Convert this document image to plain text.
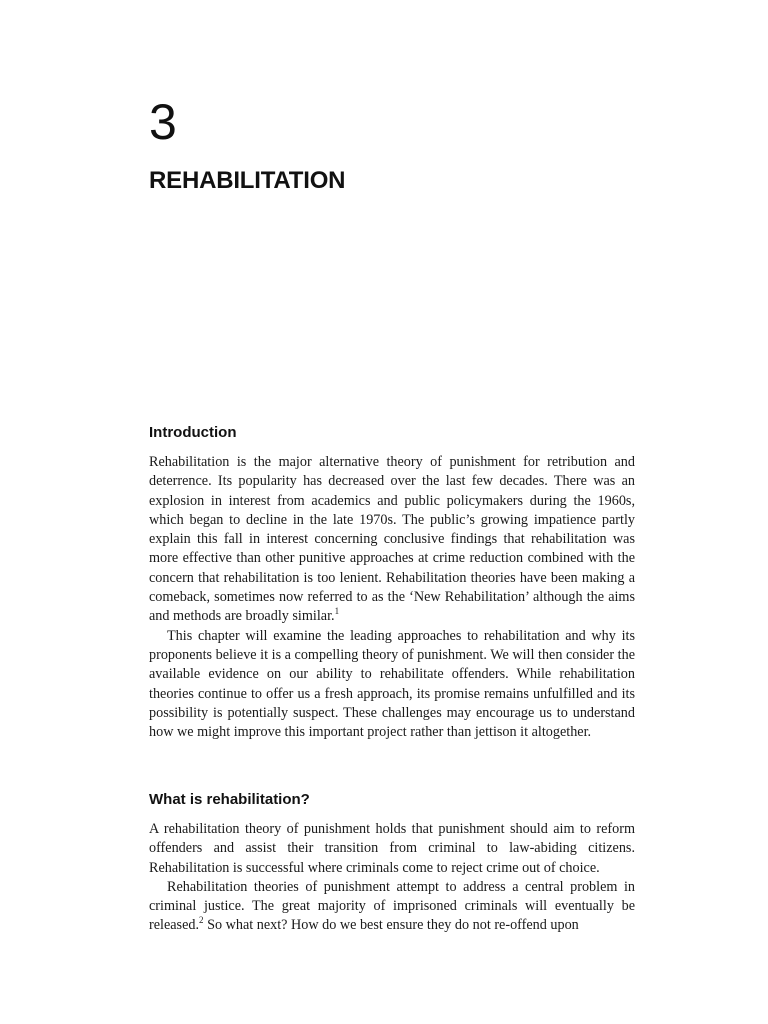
3
REHABILITATION
Introduction

Rehabilitation is the major alternative theory of punishment for retribution and deterrence. Its popularity has decreased over the last few decades. There was an explosion in interest from academics and public policymakers during the 1960s, which began to decline in the late 1970s. The public’s growing impatience partly explain this fall in interest concerning conclusive findings that rehabilitation was more effective than other punitive approaches at crime reduction combined with the concern that rehabilitation is too lenient. Rehabilitation theories have been making a comeback, sometimes now referred to as the ‘New Rehabilitation’ although the aims and methods are broadly similar.$^1$

This chapter will examine the leading approaches to rehabilitation and why its proponents believe it is a compelling theory of punishment. We will then consider the available evidence on our ability to rehabilitate offenders. While rehabilitation theories continue to offer us a fresh approach, its promise remains unfulfilled and its possibility is potentially suspect. These challenges may encourage us to understand how we might improve this important project rather than jettison it altogether.

What is rehabilitation?

A rehabilitation theory of punishment holds that punishment should aim to reform offenders and assist their transition from criminal to law-abiding citizens. Rehabilitation is successful where criminals come to reject crime out of choice.

Rehabilitation theories of punishment attempt to address a central problem in criminal justice. The great majority of imprisoned criminals will eventually be released.$^2$ So what next? How do we best ensure they do not re-offend upon
